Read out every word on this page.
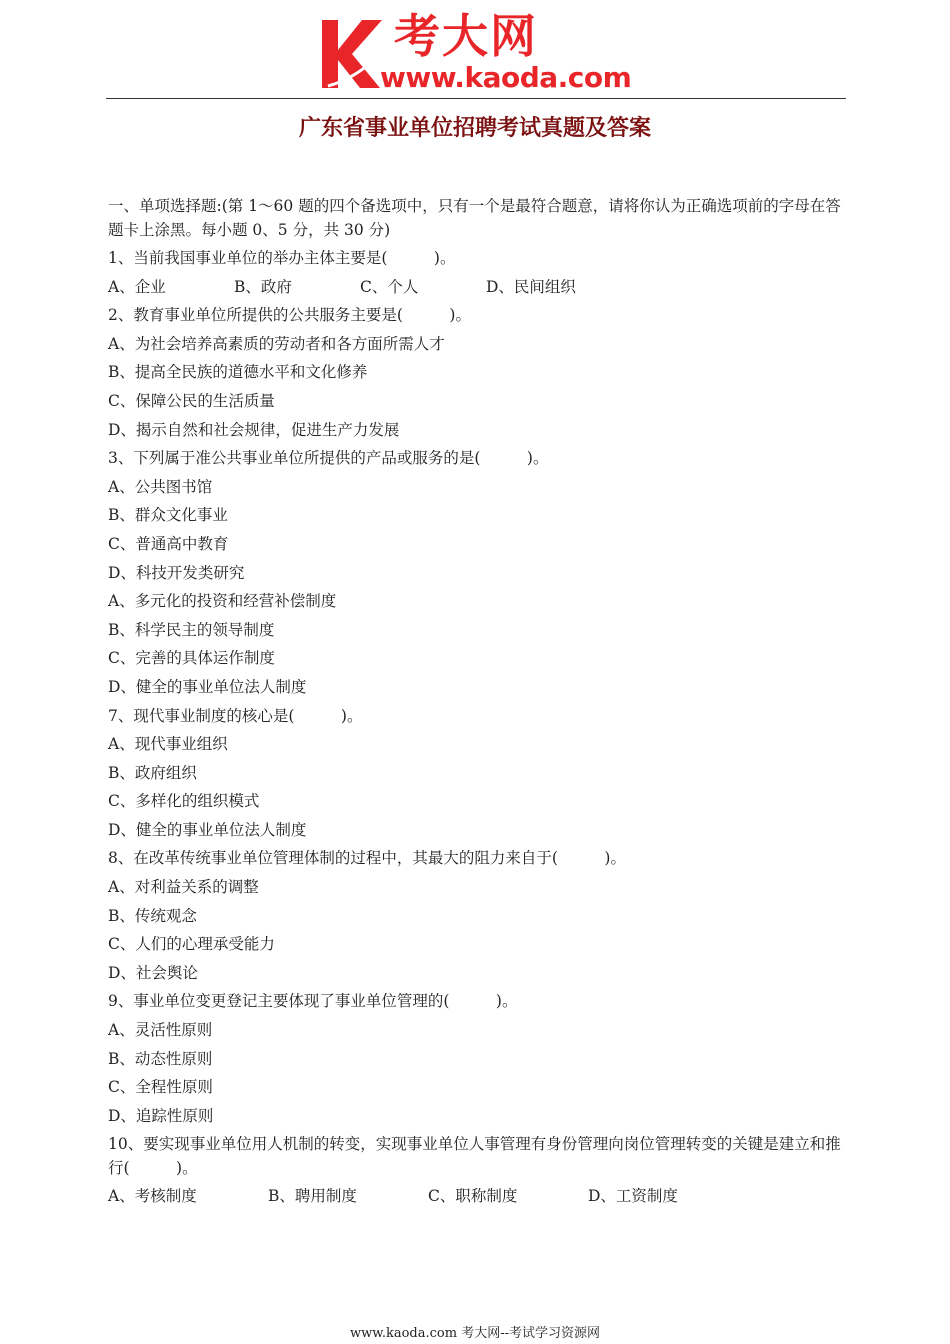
考大网
www.kaoda.com
广东省事业单位招聘考试真题及答案
一、单项选择题:(第 1～60 题的四个备选项中，只有一个是最符合题意，请将你认为正确选项前的字母在答题卡上涂黑。每小题 0、5 分，共 30 分)
1、当前我国事业单位的举办主体主要是(　　　)。
A、企业	B、政府	C、个人	D、民间组织
2、教育事业单位所提供的公共服务主要是(　　　)。
A、为社会培养高素质的劳动者和各方面所需人才
B、提高全民族的道德水平和文化修养
C、保障公民的生活质量
D、揭示自然和社会规律，促进生产力发展
3、下列属于准公共事业单位所提供的产品或服务的是(　　　)。
A、公共图书馆
B、群众文化事业
C、普通高中教育
D、科技开发类研究
A、多元化的投资和经营补偿制度
B、科学民主的领导制度
C、完善的具体运作制度
D、健全的事业单位法人制度
7、现代事业制度的核心是(　　　)。
A、现代事业组织
B、政府组织
C、多样化的组织模式
D、健全的事业单位法人制度
8、在改革传统事业单位管理体制的过程中，其最大的阻力来自于(　　　)。
A、对利益关系的调整
B、传统观念
C、人们的心理承受能力
D、社会舆论
9、事业单位变更登记主要体现了事业单位管理的(　　　)。
A、灵活性原则
B、动态性原则
C、全程性原则
D、追踪性原则
10、要实现事业单位用人机制的转变，实现事业单位人事管理有身份管理向岗位管理转变的关键是建立和推行(　　　)。
A、考核制度	B、聘用制度	C、职称制度	D、工资制度
www.kaoda.com 考大网--考试学习资源网
